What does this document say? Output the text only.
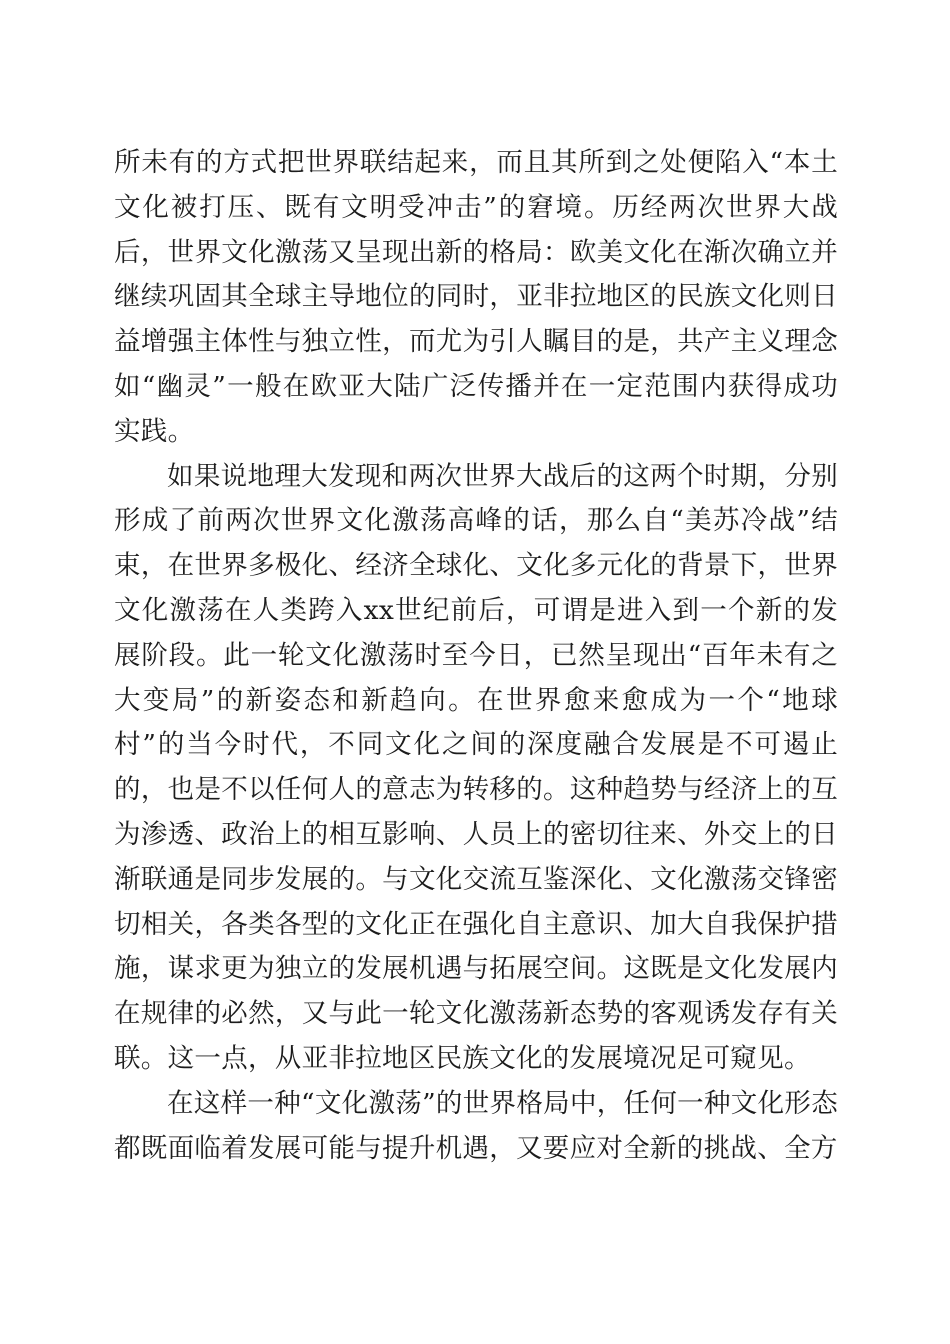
所未有的方式把世界联结起来，而且其所到之处便陷入“本土文化被打压、既有文明受冲击”的窘境。历经两次世界大战后，世界文化激荡又呈现出新的格局：欧美文化在渐次确立并继续巩固其全球主导地位的同时，亚非拉地区的民族文化则日益增强主体性与独立性，而尤为引人瞩目的是，共产主义理念如“幽灵”一般在欧亚大陆广泛传播并在一定范围内获得成功实践。

如果说地理大发现和两次世界大战后的这两个时期，分别形成了前两次世界文化激荡高峰的话，那么自“美苏冷战”结束，在世界多极化、经济全球化、文化多元化的背景下，世界文化激荡在人类跨入xx世纪前后，可谓是进入到一个新的发展阶段。此一轮文化激荡时至今日，已然呈现出“百年未有之大变局”的新姿态和新趋向。在世界愈来愈成为一个“地球村”的当今时代，不同文化之间的深度融合发展是不可遏止的，也是不以任何人的意志为转移的。这种趋势与经济上的互为渗透、政治上的相互影响、人员上的密切往来、外交上的日渐联通是同步发展的。与文化交流互鉴深化、文化激荡交锋密切相关，各类各型的文化正在强化自主意识、加大自我保护措施，谋求更为独立的发展机遇与拓展空间。这既是文化发展内在规律的必然，又与此一轮文化激荡新态势的客观诱发存有关联。这一点，从亚非拉地区民族文化的发展境况足可窥见。

在这样一种“文化激荡”的世界格局中，任何一种文化形态都既面临着发展可能与提升机遇，又要应对全新的挑战、全方
